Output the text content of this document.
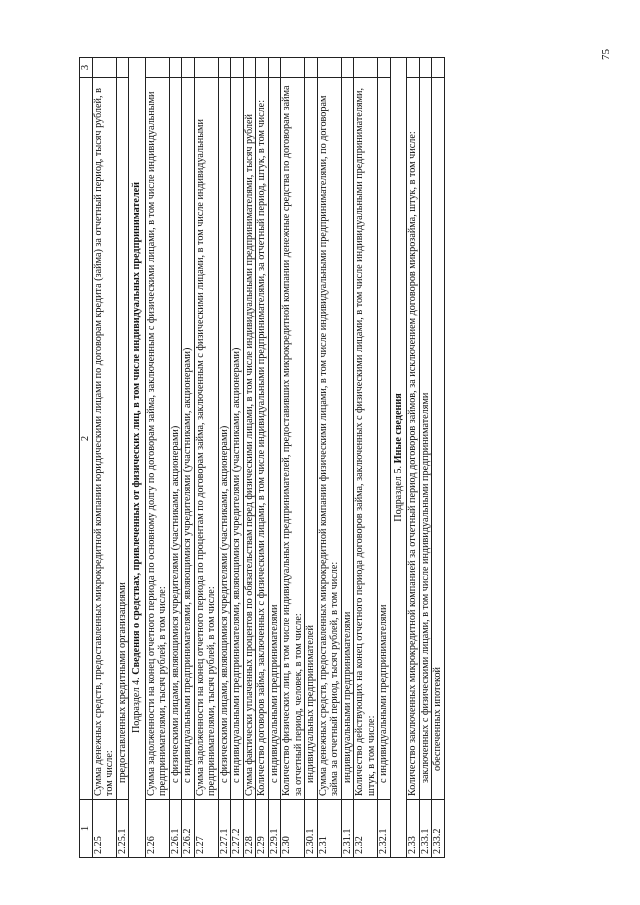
75
1	2	3
2.25	Сумма денежных средств, предоставленных микрокредитной компании юридическими лицами по договорам кредита (займа) за отчетный период, тысяч рублей, в том числе:	
2.25.1	предоставленных кредитными организациями	
Подраздел 4. Сведения о средствах, привлеченных от физических лиц, в том числе индивидуальных предпринимателей		
2.26	Сумма задолженности на конец отчетного периода по основному долгу по договорам займа, заключенным с физическими лицами, в том числе индивидуальными предпринимателями, тысяч рублей, в том числе:	
2.26.1	с физическими лицами, являющимися учредителями (участниками, акционерами)	
2.26.2	с индивидуальными предпринимателями, являющимися учредителями (участниками, акционерами)	
2.27	Сумма задолженности на конец отчетного периода по процентам по договорам займа, заключенным с физическими лицами, в том числе индивидуальными предпринимателями, тысяч рублей, в том числе:	
2.27.1	с физическими лицами, являющимися учредителями (участниками, акционерами)	
2.27.2	с индивидуальными предпринимателями, являющимися учредителями (участниками, акционерами)	
2.28	Сумма фактически уплаченных процентов по обязательствам перед физическими лицами, в том числе индивидуальными предпринимателями, тысяч рублей	
2.29	Количество договоров займа, заключенных с физическими лицами, в том числе индивидуальными предпринимателями, за отчетный период, штук, в том числе:	
2.29.1	с индивидуальными предпринимателями	
2.30	Количество физических лиц, в том числе индивидуальных предпринимателей, предоставивших микрокредитной компании денежные средства по договорам займа за отчетный период, человек, в том числе:	
2.30.1	индивидуальных предпринимателей	
2.31	Сумма денежных средств, предоставленных микрокредитной компании физическими лицами, в том числе индивидуальными предпринимателями, по договорам займа за отчетный период, тысяч рублей, в том числе:	
2.31.1	индивидуальными предпринимателями	
2.32	Количество действующих на конец отчетного периода договоров займа, заключенных с физическими лицами, в том числе индивидуальными предпринимателями, штук, в том числе:	
2.32.1	с индивидуальными предпринимателями	
Подраздел 5. Иные сведения		
2.33	Количество заключенных микрокредитной компанией за отчетный период договоров займов, за исключением договоров микрозайма, штук, в том числе:	
2.33.1	заключенных с физическими лицами, в том числе индивидуальными предпринимателями	
2.33.2	обеспеченных ипотекой	
